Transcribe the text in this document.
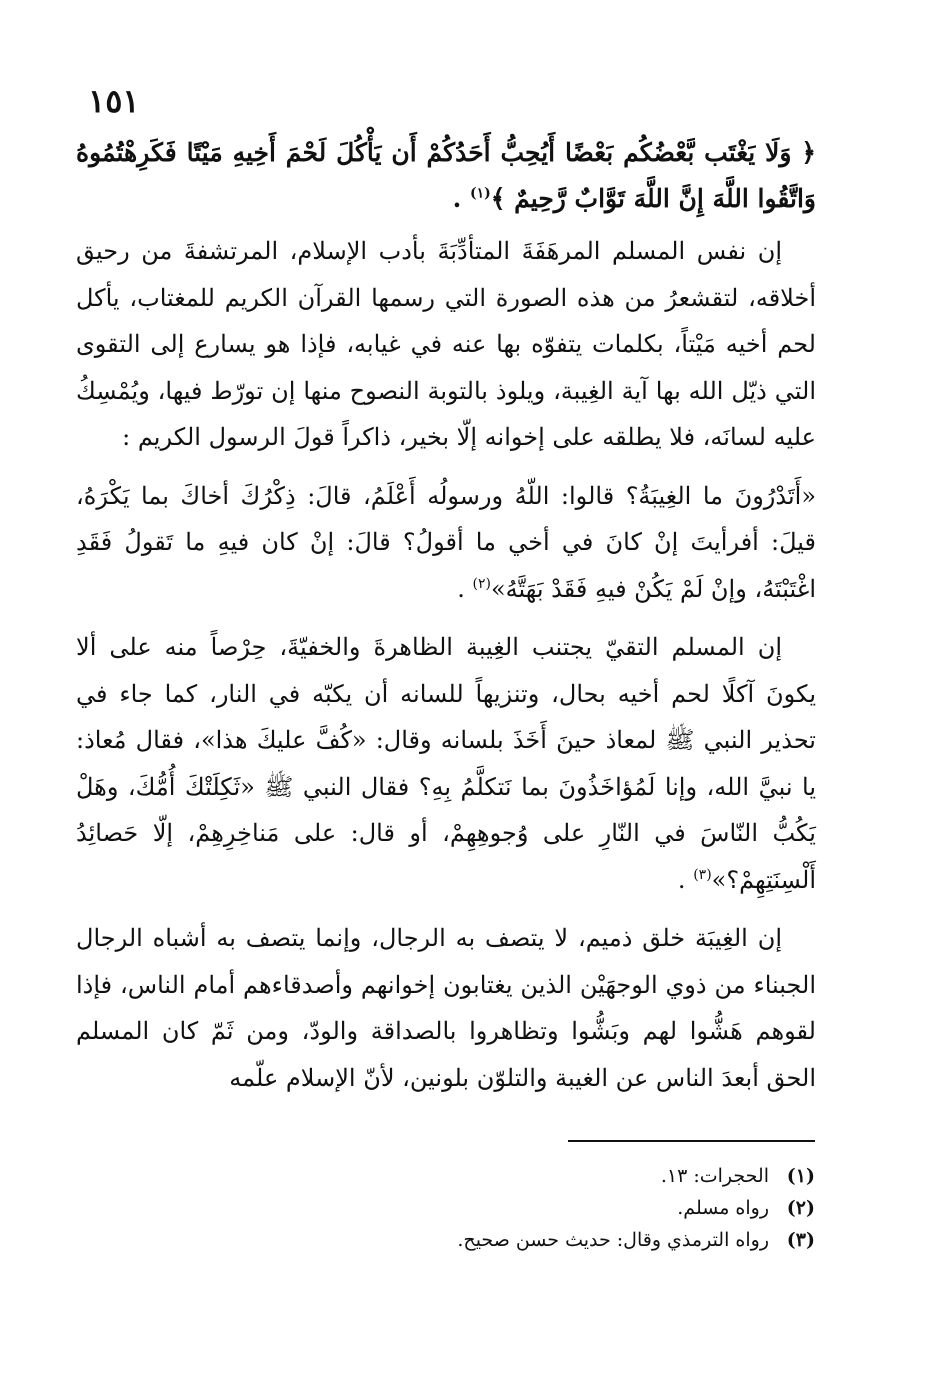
١٥١

﴿ وَلَا يَغْتَب بَّعْضُكُم بَعْضًا أَيُحِبُّ أَحَدُكُمْ أَن يَأْكُلَ لَحْمَ أَخِيهِ مَيْتًا فَكَرِهْتُمُوهُ وَاتَّقُوا اللَّهَ إِنَّ اللَّهَ تَوَّابٌ رَّحِيمٌ ﴾$^{(١)}$ .

إن نفس المسلم المرهَفَةَ المتأدِّبَةَ بأدب الإسلام، المرتشفةَ من رحيق أخلاقه، لتقشعرُ من هذه الصورة التي رسمها القرآن الكريم للمغتاب، يأكل لحم أخيه مَيْتاً، بكلمات يتفوّه بها عنه في غيابه، فإذا هو يسارع إلى التقوى التي ذيّل الله بها آية الغِيبة، ويلوذ بالتوبة النصوح منها إن تورّط فيها، ويُمْسِكُ عليه لسانَه، فلا يطلقه على إخوانه إلّا بخير، ذاكراً قولَ الرسول الكريم :

«أَتَدْرُونَ ما الغِيبَةُ؟ قالوا: اللّهُ ورسولُه أَعْلَمُ، قالَ: ذِكْرُكَ أخاكَ بما يَكْرَهُ، قيلَ: أفرأيتَ إنْ كانَ في أخي ما أقولُ؟ قالَ: إنْ كان فيهِ ما تَقولُ فَقَدِ اغْتَبْتَهُ، وإنْ لَمْ يَكُنْ فيهِ فَقَدْ بَهَتَّهُ»$^{(٢)}$ .

إن المسلم التقيّ يجتنب الغِيبة الظاهرةَ والخفيّةَ، حِرْصاً منه على ألا يكونَ آكلًا لحم أخيه بحال، وتنزيهاً للسانه أن يكبّه في النار، كما جاء في تحذير النبي ﷺ لمعاذ حينَ أَخَذَ بلسانه وقال: «كُفَّ عليكَ هذا»، فقال مُعاذ: يا نبيَّ الله، وإنا لَمُؤاخَذُونَ بما نَتكلَّمُ بِهِ؟ فقال النبي ﷺ «ثَكِلَتْكَ أُمُّكَ، وهَلْ يَكُبُّ النّاسَ في النّارِ على وُجوهِهِمْ، أو قال: على مَناخِرِهِمْ، إلّا حَصائِدُ أَلْسِنَتِهِمْ؟»$^{(٣)}$ .

إن الغِيبَة خلق ذميم، لا يتصف به الرجال، وإنما يتصف به أشباه الرجال الجبناء من ذوي الوجهَيْن الذين يغتابون إخوانهم وأصدقاءهم أمام الناس، فإذا لقوهم هَشُّوا لهم وبَشُّوا وتظاهروا بالصداقة والودّ، ومن ثَمّ كان المسلم الحق أبعدَ الناس عن الغيبة والتلوّن بلونين، لأنّ الإسلام علّمه

(١)
الحجرات: ١٣.
(٢)
رواه مسلم.
(٣)
رواه الترمذي وقال: حديث حسن صحيح.
